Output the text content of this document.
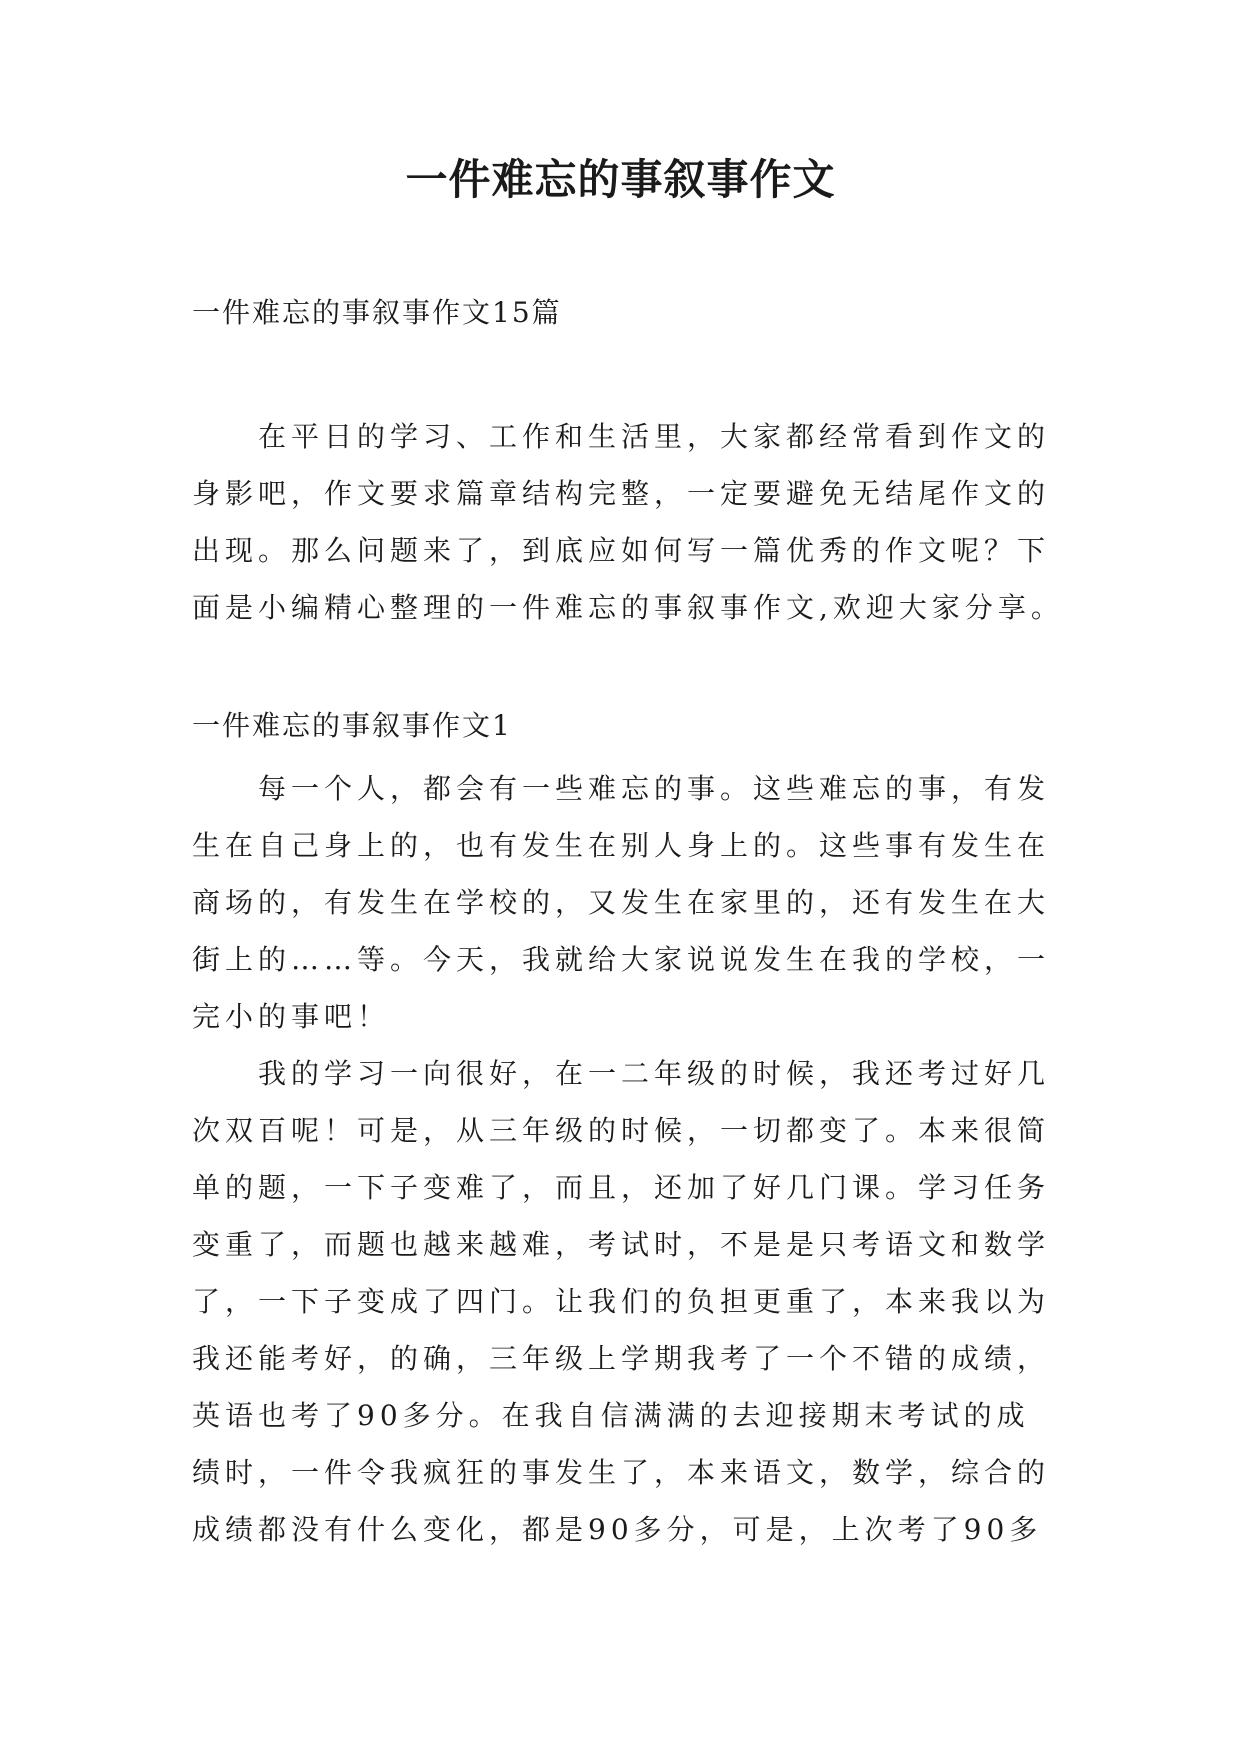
一件难忘的事叙事作文

一件难忘的事叙事作文15篇

在平日的学习、工作和生活里，大家都经常看到作文的
身影吧，作文要求篇章结构完整，一定要避免无结尾作文的
出现。那么问题来了，到底应如何写一篇优秀的作文呢？下
面是小编精心整理的一件难忘的事叙事作文,欢迎大家分享。

一件难忘的事叙事作文1

每一个人，都会有一些难忘的事。这些难忘的事，有发
生在自己身上的，也有发生在别人身上的。这些事有发生在
商场的，有发生在学校的，又发生在家里的，还有发生在大
街上的……等。今天，我就给大家说说发生在我的学校，一
完小的事吧！
我的学习一向很好，在一二年级的时候，我还考过好几
次双百呢！可是，从三年级的时候，一切都变了。本来很简
单的题，一下子变难了，而且，还加了好几门课。学习任务
变重了，而题也越来越难，考试时，不是是只考语文和数学
了，一下子变成了四门。让我们的负担更重了，本来我以为
我还能考好，的确，三年级上学期我考了一个不错的成绩，
英语也考了90多分。在我自信满满的去迎接期末考试的成
绩时，一件令我疯狂的事发生了，本来语文，数学，综合的
成绩都没有什么变化，都是90多分，可是，上次考了90多
